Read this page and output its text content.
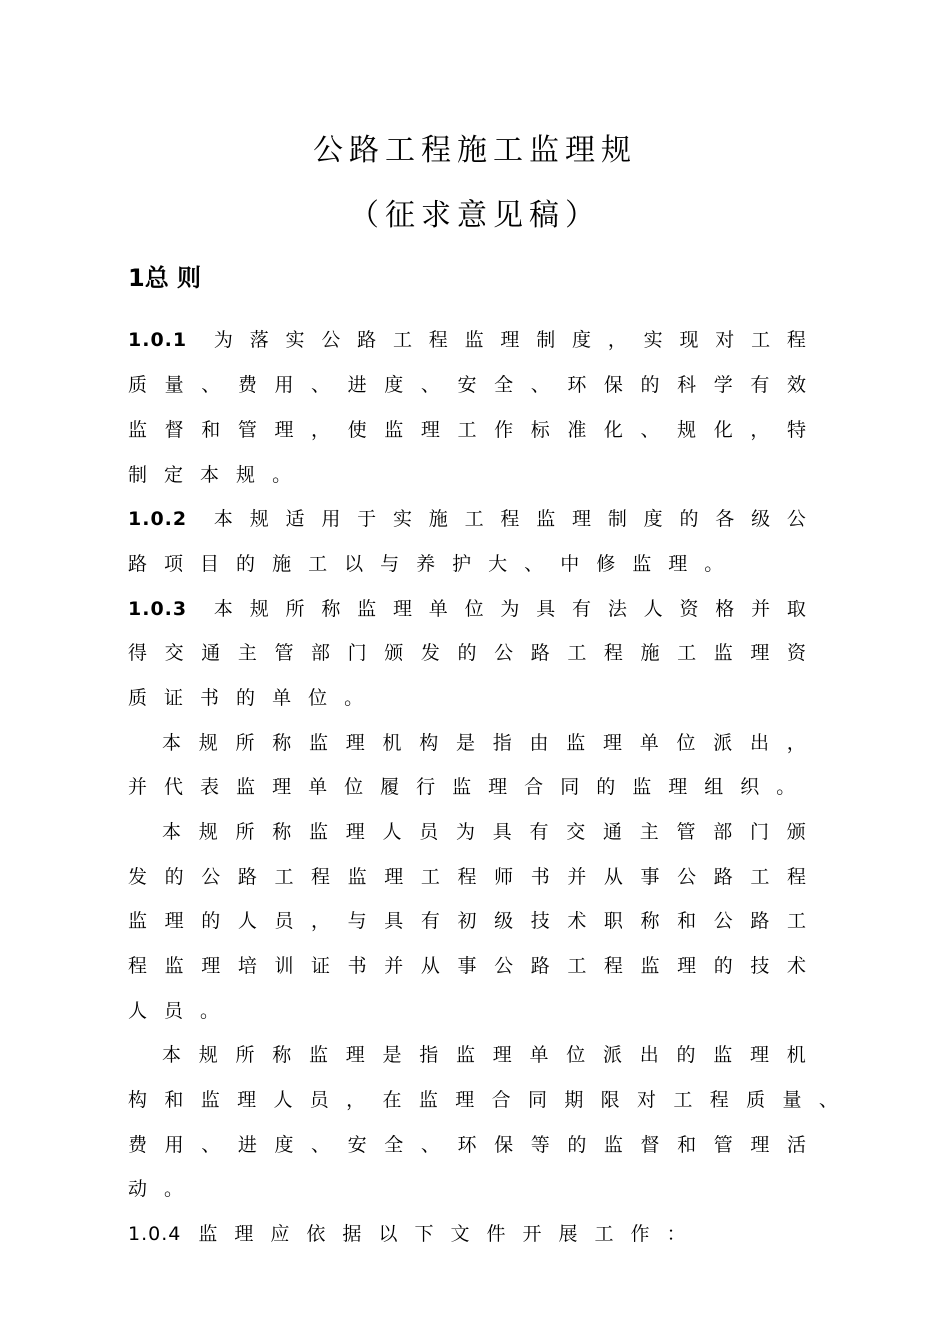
公路工程施工监理规
（征求意见稿）
1总 则
1.0.1 为 落 实 公 路 工 程 监 理 制 度 ， 实 现 对 工 程
质 量 、 费 用 、 进 度 、 安 全 、 环 保 的 科 学 有 效
监 督 和 管 理 ， 使 监 理 工 作 标 准 化 、 规 化 ， 特
制 定 本 规 。
1.0.2 本 规 适 用 于 实 施 工 程 监 理 制 度 的 各 级 公
路 项 目 的 施 工 以 与 养 护 大 、 中 修 监 理 。
1.0.3 本 规 所 称 监 理 单 位 为 具 有 法 人 资 格 并 取
得 交 通 主 管 部 门 颁 发 的 公 路 工 程 施 工 监 理 资
质 证 书 的 单 位 。
本 规 所 称 监 理 机 构 是 指 由 监 理 单 位 派 出 ，
并 代 表 监 理 单 位 履 行 监 理 合 同 的 监 理 组 织 。
本 规 所 称 监 理 人 员 为 具 有 交 通 主 管 部 门 颁
发 的 公 路 工 程 监 理 工 程 师 书 并 从 事 公 路 工 程
监 理 的 人 员 ， 与 具 有 初 级 技 术 职 称 和 公 路 工
程 监 理 培 训 证 书 并 从 事 公 路 工 程 监 理 的 技 术
人 员 。
本 规 所 称 监 理 是 指 监 理 单 位 派 出 的 监 理 机
构 和 监 理 人 员 ， 在 监 理 合 同 期 限 对 工 程 质 量 、
费 用 、 进 度 、 安 全 、 环 保 等 的 监 督 和 管 理 活
动 。
1.0.4 监 理 应 依 据 以 下 文 件 开 展 工 作 ：
